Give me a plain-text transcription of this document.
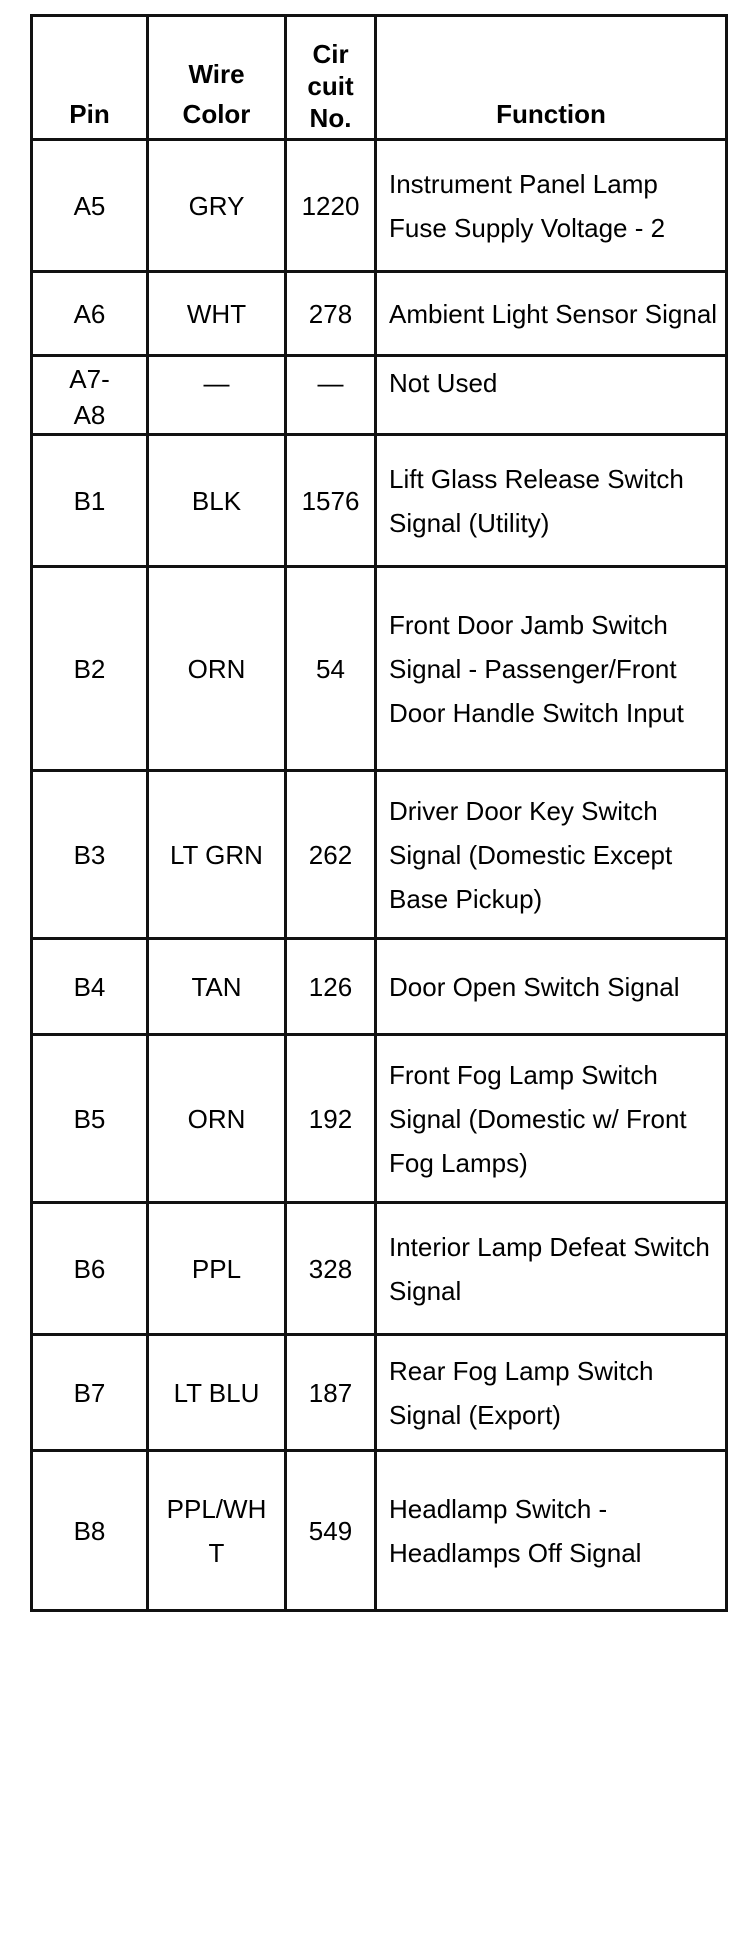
Pin	Wire Color	Cir cuit No.	Function
A5	GRY	1220	Instrument Panel Lamp Fuse Supply Voltage - 2
A6	WHT	278	Ambient Light Sensor Signal

A7-A8	—	—	Not Used
B1	BLK	1576	Lift Glass Release Switch Signal (Utility)
B2	ORN	54	Front Door Jamb Switch Signal - Passenger/Front Door Handle Switch Input
B3	LT GRN	262	Driver Door Key Switch Signal (Domestic Except Base Pickup)
B4	TAN	126	Door Open Switch Signal
B5	ORN	192	Front Fog Lamp Switch Signal (Domestic w/ Front Fog Lamps)
B6	PPL	328	Interior Lamp Defeat Switch Signal
B7	LT BLU	187	Rear Fog Lamp Switch Signal (Export)
B8	PPL/WHT	549	Headlamp Switch - Headlamps Off Signal
